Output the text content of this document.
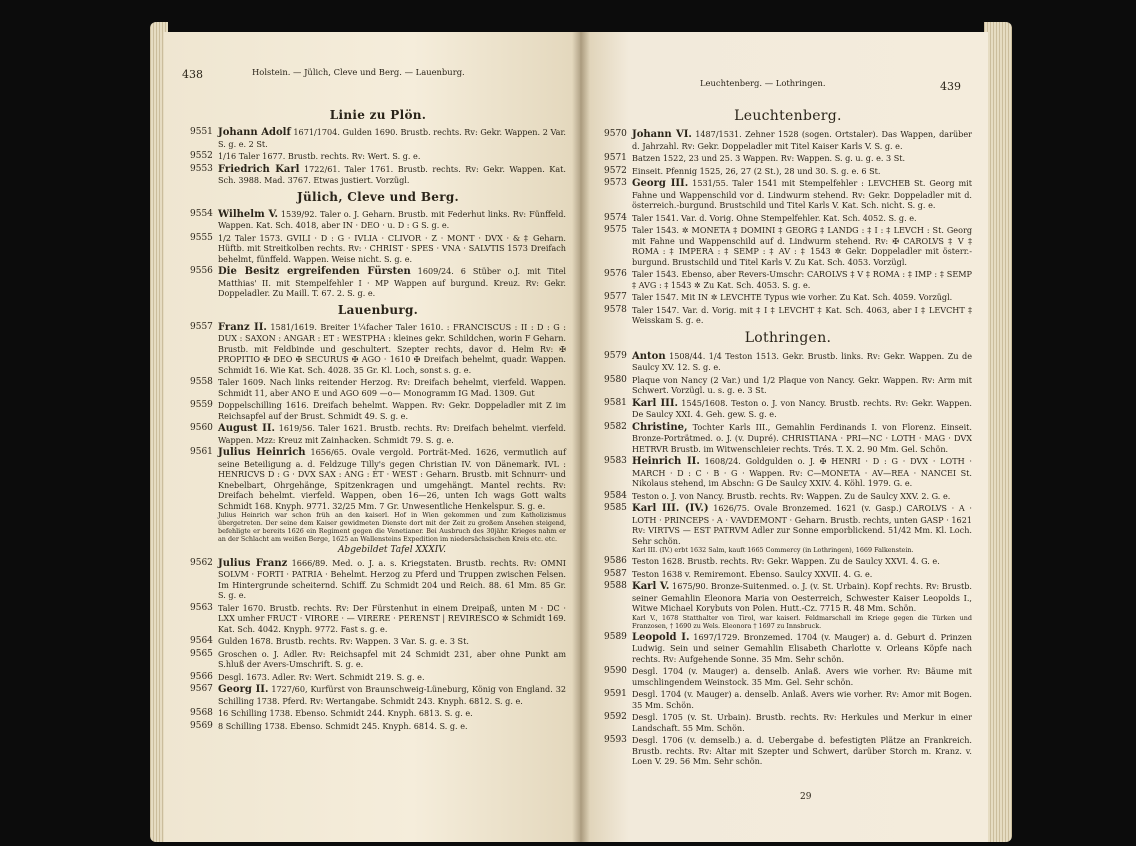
438	Holstein. — Jülich, Cleve und Berg. — Lauenburg.
Linie zu Plön.
9551 Johann Adolf 1671/1704. Gulden 1690. Brustb. rechts. Rv: Gekr. Wappen. 2 Var. S. g. e. 2 St.
9552 1/16 Taler 1677. Brustb. rechts. Rv: Wert. S. g. e.
9553 Friedrich Karl 1722/61. Taler 1761. Brustb. rechts. Rv: Gekr. Wappen. Kat. Sch. 3988. Mad. 3767. Etwas justiert. Vorzügl.
Jülich, Cleve und Berg.
9554 Wilhelm V. 1539/92. Taler o. J. Geharn. Brustb. mit Federhut links. Rv: Fünffeld. Wappen. Kat. Sch. 4018, aber IN · DEO · u. D : G S. g. e.
9555 1/2 Taler 1573. GVILI · D : G · IVLIA · CLIVOR · Z · MONT · DVX · & ‡ Geharn. Hüftb. mit Streitkolben rechts. Rv: · CHRIST · SPES · VNA · SALVTIS 1573 Dreifach behelmt, fünffeld. Wappen. Weise nicht. S. g. e.
9556 Die Besitz ergreifenden Fürsten 1609/24. 6 Stüber o.J. mit Titel Matthias' II. mit Stempelfehler I · MP Wappen auf burgund. Kreuz. Rv: Gekr. Doppeladler. Zu Maill. T. 67. 2. S. g. e.
Lauenburg.
9557 Franz II. 1581/1619. Breiter 1¼facher Taler 1610. : FRANCISCUS : II : D : G : DUX : SAXON : ANGAR : ET : WESTPHA : kleines gekr. Schildchen, worin F Geharn. Brustb. mit Feldbinde und geschultert. Szepter rechts, davor d. Helm Rv: ✠ PROPITIO ✠ DEO ✠ SECURUS ✠ AGO · 1610 ✠ Dreifach behelmt, quadr. Wappen. Schmidt 16. Wie Kat. Sch. 4028. 35 Gr. Kl. Loch, sonst s. g. e.
9558 Taler 1609. Nach links reitender Herzog. Rv: Dreifach behelmt, vierfeld. Wappen. Schmidt 11, aber ANO E und AGO 609 —o— Monogramm IG Mad. 1309. Gut
9559 Doppelschilling 1616. Dreifach behelmt. Wappen. Rv: Gekr. Doppeladler mit Z im Reichsapfel auf der Brust. Schmidt 49. S. g. e.
9560 August II. 1619/56. Taler 1621. Brustb. rechts. Rv: Dreifach behelmt. vierfeld. Wappen. Mzz: Kreuz mit Zainhacken. Schmidt 79. S. g. e.
9561 Julius Heinrich 1656/65. Ovale vergold. Porträt-Med. 1626, vermutlich auf seine Beteiligung a. d. Feldzuge Tilly's gegen Christian IV. von Dänemark. IVL : HENRICVS D : G · DVX SAX : ANG : ÉT · WEST : Geharn. Brustb. mit Schnurr- und Knebelbart, Ohrgehänge, Spitzenkragen und umgehängt. Mantel rechts. Rv: Dreifach behelmt. vierfeld. Wappen, oben 16—26, unten Ich wags Gott walts Schmidt 168. Knyph. 9771. 32/25 Mm. 7 Gr. Unwesentliche Henkelspur. S. g. e.
Julius Heinrich war schon früh an den kaiserl. Hof in Wien gekommen und zum Katholizismus übergetreten. Der seine dem Kaiser gewidmeten Dienste dort mit der Zeit zu großem Ansehen steigend, befehligte er bereits 1626 ein Regiment gegen die Venetianer. Bei Ausbruch des 30jähr. Krieges nahm er an der Schlacht am weißen Berge, 1625 an Wallensteins Expedition im niedersächsischen Kreis etc. etc.
Abgebildet Tafel XXXIV.
9562 Julius Franz 1666/89. Med. o. J. a. s. Kriegstaten. Brustb. rechts. Rv: OMNI SOLVM · FORTI · PATRIA · Behelmt. Herzog zu Pferd und Truppen zwischen Felsen. Im Hintergrunde scheiternd. Schiff. Zu Schmidt 204 und Reich. 88. 61 Mm. 85 Gr. S. g. e.
9563 Taler 1670. Brustb. rechts. Rv: Der Fürstenhut in einem Dreipaß, unten M · DC · LXX umher FRUCT · VIRORE · — VIRERE · PERENST | REVIRESCO ✲ Schmidt 169. Kat. Sch. 4042. Knyph. 9772. Fast s. g. e.
9564 Gulden 1678. Brustb. rechts. Rv: Wappen. 3 Var. S. g. e. 3 St.
9565 Groschen o. J. Adler. Rv: Reichsapfel mit 24 Schmidt 231, aber ohne Punkt am S.hluß der Avers-Umschrift. S. g. e.
9566 Desgl. 1673. Adler. Rv: Wert. Schmidt 219. S. g. e.
9567 Georg II. 1727/60, Kurfürst von Braunschweig-Lüneburg, König von England. 32 Schilling 1738. Pferd. Rv: Wertangabe. Schmidt 243. Knyph. 6812. S. g. e.
9568 16 Schilling 1738. Ebenso. Schmidt 244. Knyph. 6813. S. g. e.
9569 8 Schilling 1738. Ebenso. Schmidt 245. Knyph. 6814. S. g. e.
Leuchtenberg. — Lothringen.	439
Leuchtenberg.
9570 Johann VI. 1487/1531. Zehner 1528 (sogen. Ortstaler). Das Wappen, darüber d. Jahrzahl. Rv: Gekr. Doppeladler mit Titel Kaiser Karls V. S. g. e.
9571 Batzen 1522, 23 und 25. 3 Wappen. Rv: Wappen. S. g. u. g. e. 3 St.
9572 Einseit. Pfennig 1525, 26, 27 (2 St.), 28 und 30. S. g. e. 6 St.
9573 Georg III. 1531/55. Taler 1541 mit Stempelfehler : LEVCHEB St. Georg mit Fahne und Wappenschild vor d. Lindwurm stehend. Rv: Gekr. Doppeladler mit d. österreich.-burgund. Brustschild und Titel Karls V. Kat. Sch. nicht. S. g. e.
9574 Taler 1541. Var. d. Vorig. Ohne Stempelfehler. Kat. Sch. 4052. S. g. e.
9575 Taler 1543. ✲ MONETA ‡ DOMINI ‡ GEORG ‡ LANDG : ‡ I : ‡ LEVCH : St. Georg mit Fahne und Wappenschild auf d. Lindwurm stehend. Rv: ✠ CAROLVS ‡ V ‡ ROMA : ‡ IMPERA : ‡ SEMP : ‡ AV : ‡ 1543 ✲ Gekr. Doppeladler mit österr.-burgund. Brustschild und Titel Karls V. Zu Kat. Sch. 4053. Vorzügl.
9576 Taler 1543. Ebenso, aber Revers-Umschr: CAROLVS ‡ V ‡ ROMA : ‡ IMP : ‡ SEMP ‡ AVG : ‡ 1543 ✲ Zu Kat. Sch. 4053. S. g. e.
9577 Taler 1547. Mit IN ✲ LEVCHTE Typus wie vorher. Zu Kat. Sch. 4059. Vorzügl.
9578 Taler 1547. Var. d. Vorig. mit ‡ I ‡ LEVCHT ‡ Kat. Sch. 4063, aber I ‡ LEVCHT ‡ Weisskam S. g. e.
Lothringen.
9579 Anton 1508/44. 1/4 Teston 1513. Gekr. Brustb. links. Rv: Gekr. Wappen. Zu de Saulcy XV. 12. S. g. e.
9580 Plaque von Nancy (2 Var.) und 1/2 Plaque von Nancy. Gekr. Wappen. Rv: Arm mit Schwert. Vorzügl. u. s. g. e. 3 St.
9581 Karl III. 1545/1608. Teston o. J. von Nancy. Brustb. rechts. Rv: Gekr. Wappen. De Saulcy XXI. 4. Geh. gew. S. g. e.
9582 Christine, Tochter Karls III., Gemahlin Ferdinands I. von Florenz. Einseit. Bronze-Porträtmed. o. J. (v. Dupré). CHRISTIANA · PRI—NC · LOTH · MAG · DVX HETRVR Brustb. im Witwenschleier rechts. Trés. T. X. 2. 90 Mm. Gel. Schön.
9583 Heinrich II. 1608/24. Goldgulden o. J. ✠ HENRI · D : G · DVX · LOTH · MARCH · D : C · B · G · Wappen. Rv: C—MONETA · AV—REA · NANCEI St. Nikolaus stehend, im Abschn: G De Saulcy XXIV. 4. Köhl. 1979. G. e.
9584 Teston o. J. von Nancy. Brustb. rechts. Rv: Wappen. Zu de Saulcy XXV. 2. G. e.
9585 Karl III. (IV.) 1626/75. Ovale Bronzemed. 1621 (v. Gasp.) CAROLVS · A · LOTH · PRINCEPS · A · VAVDEMONT · Geharn. Brustb. rechts, unten GASP · 1621 Rv: VIRTVS — EST PATRVM Adler zur Sonne emporblickend. 51/42 Mm. Kl. Loch. Sehr schön.
Karl III. (IV.) erbt 1632 Salm, kauft 1665 Commercy (in Lothringen), 1669 Falkenstein.
9586 Teston 1628. Brustb. rechts. Rv: Gekr. Wappen. Zu de Saulcy XXVI. 4. G. e.
9587 Teston 1638 v. Remiremont. Ebenso. Saulcy XXVII. 4. G. e.
9588 Karl V. 1675/90. Bronze-Suitenmed. o. J. (v. St. Urbain). Kopf rechts. Rv: Brustb. seiner Gemahlin Eleonora Maria von Oesterreich, Schwester Kaiser Leopolds I., Witwe Michael Korybuts von Polen. Hutt.-Cz. 7715 R. 48 Mm. Schön.
Karl V., 1678 Statthalter von Tirol, war kaiserl. Feldmarschall im Kriege gegen die Türken und Franzosen, † 1690 zu Wels. Eleonora † 1697 zu Innsbruck.
9589 Leopold I. 1697/1729. Bronzemed. 1704 (v. Mauger) a. d. Geburt d. Prinzen Ludwig. Sein und seiner Gemahlin Elisabeth Charlotte v. Orleans Köpfe nach rechts. Rv: Aufgehende Sonne. 35 Mm. Sehr schön.
9590 Desgl. 1704 (v. Mauger) a. denselb. Anlaß. Avers wie vorher. Rv: Bäume mit umschlingendem Weinstock. 35 Mm. Gel. Sehr schön.
9591 Desgl. 1704 (v. Mauger) a. denselb. Anlaß. Avers wie vorher. Rv: Amor mit Bogen. 35 Mm. Schön.
9592 Desgl. 1705 (v. St. Urbain). Brustb. rechts. Rv: Herkules und Merkur in einer Landschaft. 55 Mm. Schön.
9593 Desgl. 1706 (v. demselb.) a. d. Uebergabe d. befestigten Plätze an Frankreich. Brustb. rechts. Rv: Altar mit Szepter und Schwert, darüber Storch m. Kranz. v. Loen V. 29. 56 Mm. Sehr schön.
29
